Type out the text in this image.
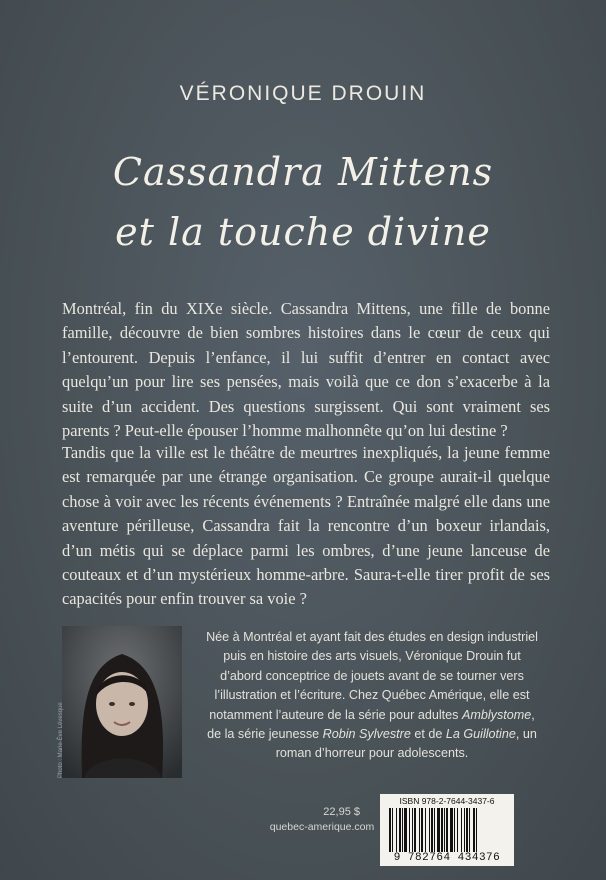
VÉRONIQUE DROUIN
Cassandra Mittens
et la touche divine

Montréal, fin du XIXe siècle. Cassandra Mittens, une fille de bonne famille, découvre de bien sombres histoires dans le cœur de ceux qui l’entourent. Depuis l’enfance, il lui suffit d’entrer en contact avec quelqu’un pour lire ses pensées, mais voilà que ce don s’exacerbe à la suite d’un accident. Des questions surgissent. Qui sont vraiment ses parents ? Peut-elle épouser l’homme malhonnête qu’on lui destine ?

Tandis que la ville est le théâtre de meurtres inexpliqués, la jeune femme est remarquée par une étrange organisation. Ce groupe aurait-il quelque chose à voir avec les récents événements ? Entraînée malgré elle dans une aventure périlleuse, Cassandra fait la rencontre d’un boxeur irlandais, d’un métis qui se déplace parmi les ombres, d’une jeune lanceuse de couteaux et d’un mystérieux homme-arbre. Saura-t-elle tirer profit de ses capacités pour enfin trouver sa voie ?

Photo : Marie-Ève Lévesque

Née à Montréal et ayant fait des études en design industriel puis en histoire des arts visuels, Véronique Drouin fut d’abord conceptrice de jouets avant de se tourner vers l’illustration et l’écriture. Chez Québec Amérique, elle est notamment l’auteure de la série pour adultes Amblystome, de la série jeunesse Robin Sylvestre et de La Guillotine, un roman d’horreur pour adolescents.

22,95 $
quebec-amerique.com
ISBN 978-2-7644-3437-6
9 782764 434376
